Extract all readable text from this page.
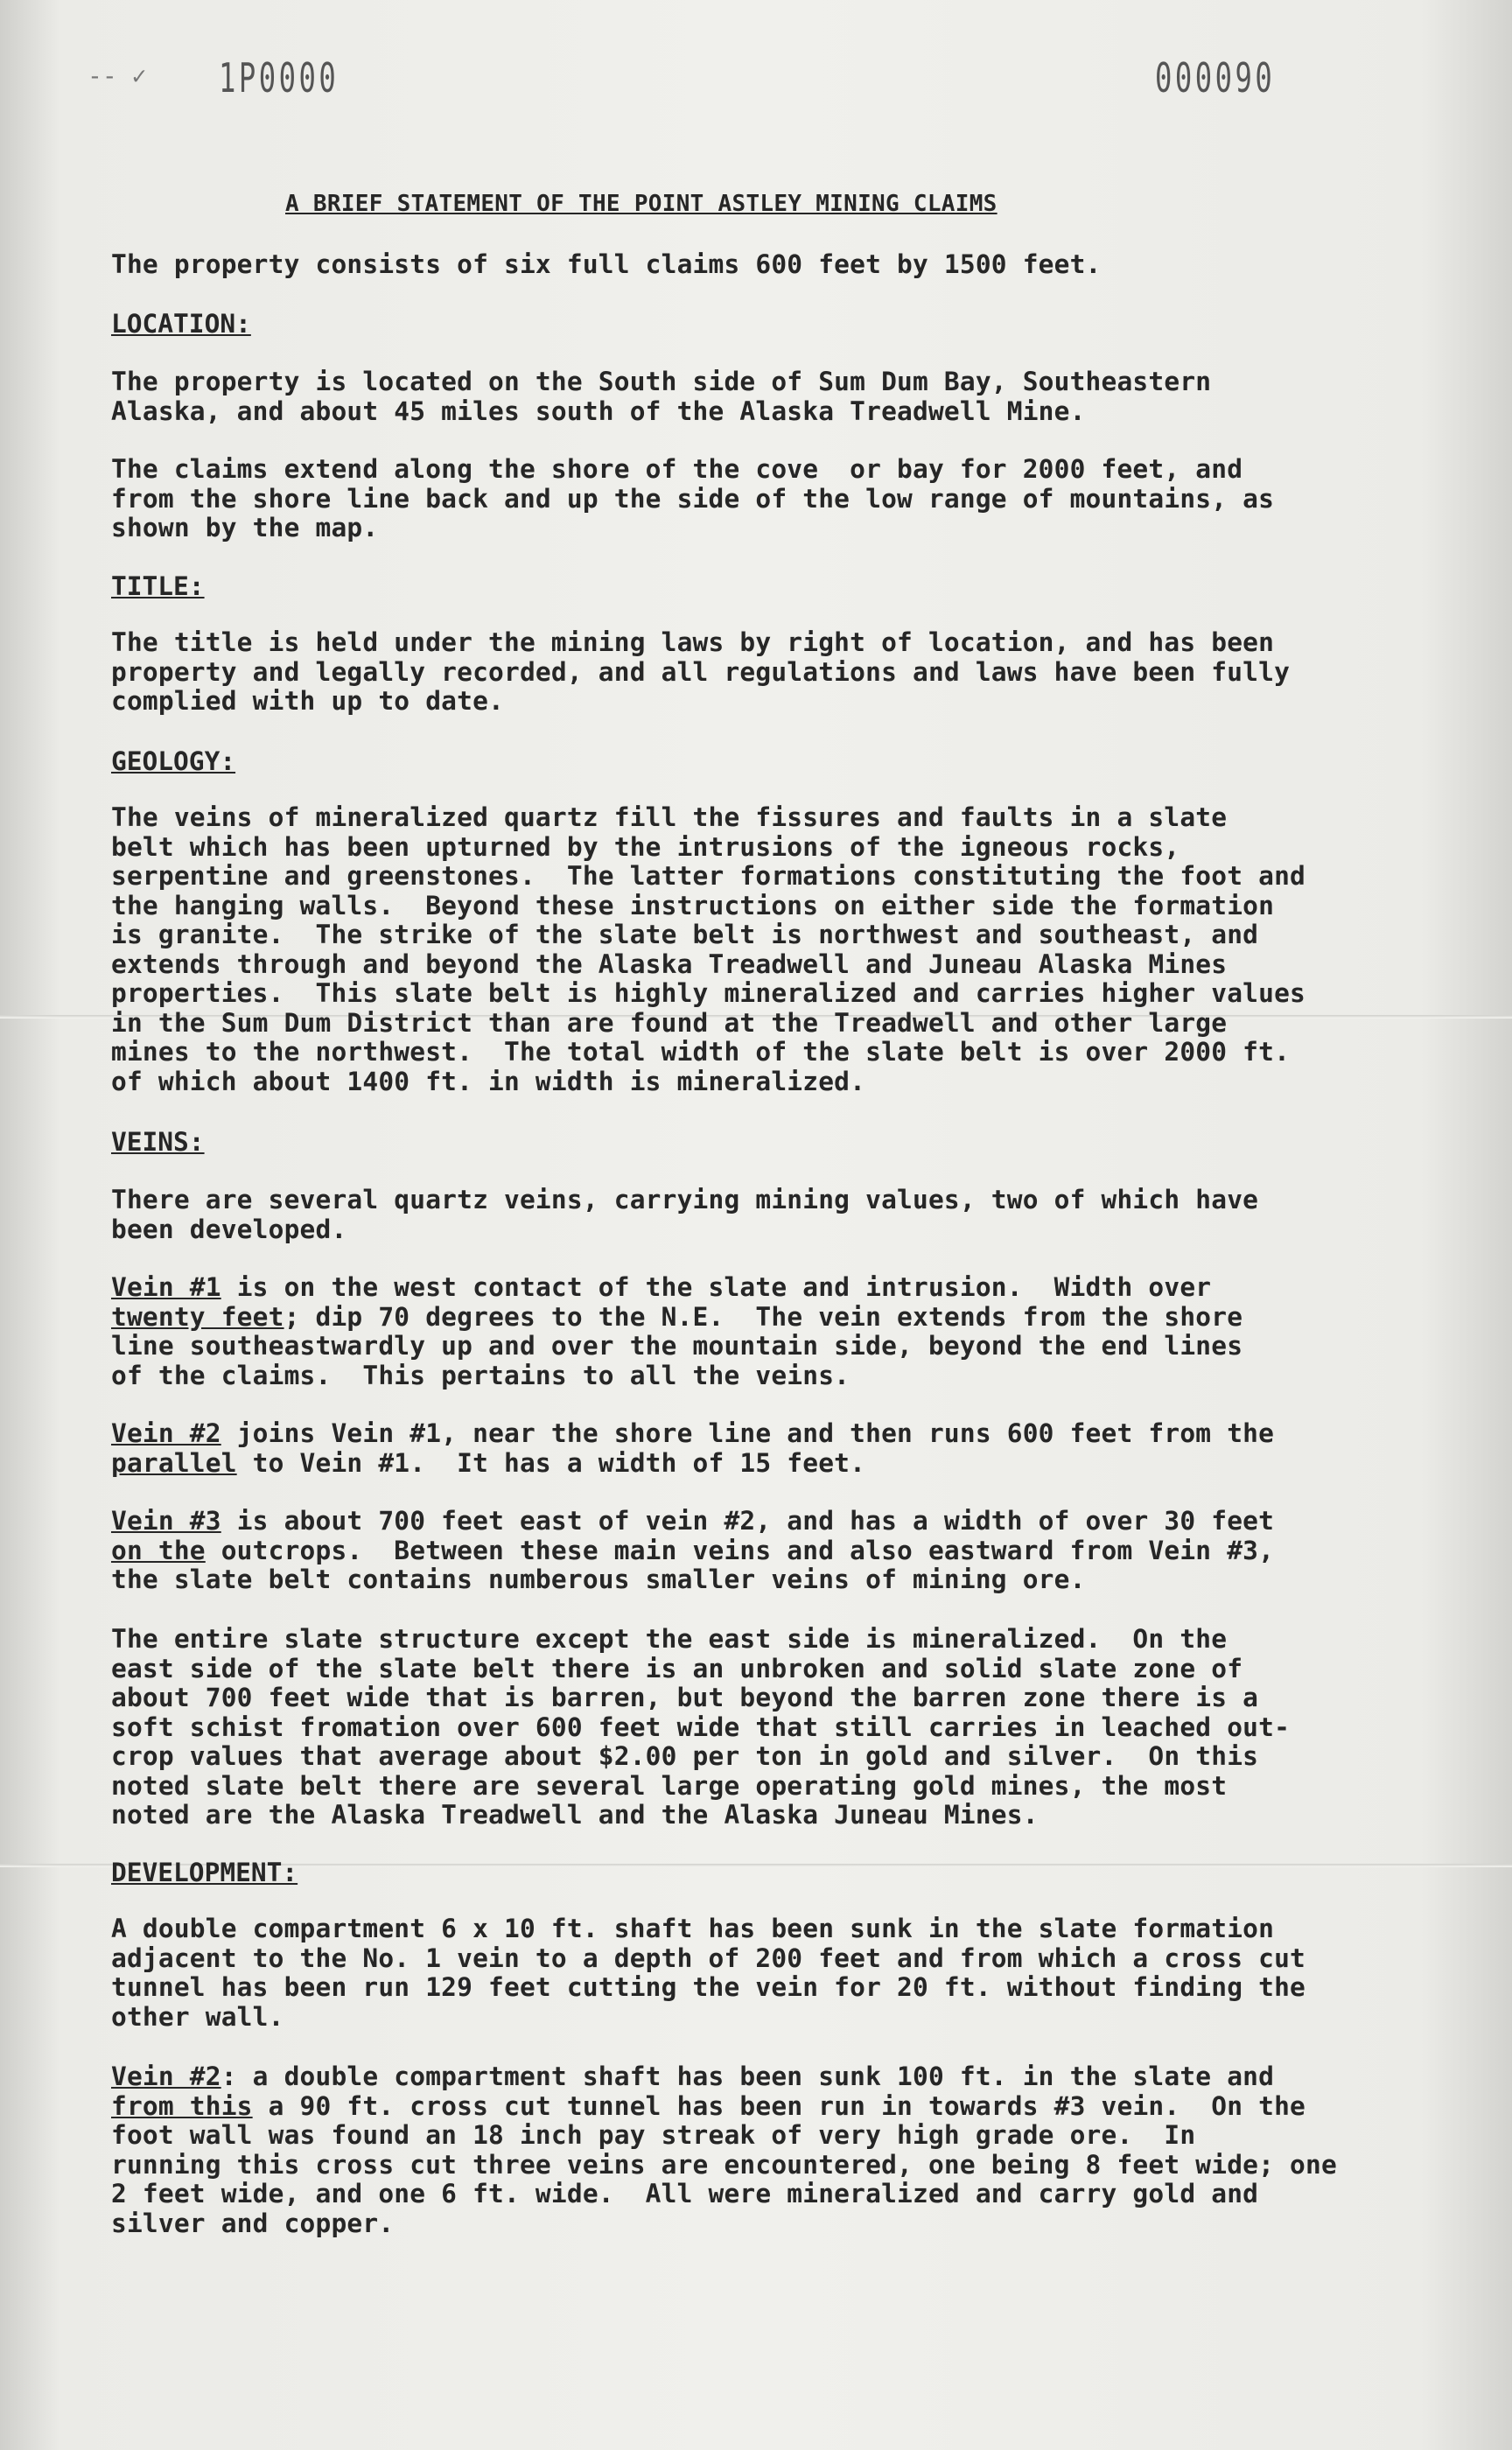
-- ✓ 1P0000	000090
A BRIEF STATEMENT OF THE POINT ASTLEY MINING CLAIMS
The property consists of six full claims 600 feet by 1500 feet.
LOCATION:
The property is located on the South side of Sum Dum Bay, Southeastern
Alaska, and about 45 miles south of the Alaska Treadwell Mine.
The claims extend along the shore of the cove  or bay for 2000 feet, and
from the shore line back and up the side of the low range of mountains, as
shown by the map.
TITLE:
The title is held under the mining laws by right of location, and has been
property and legally recorded, and all regulations and laws have been fully
complied with up to date.
GEOLOGY:
The veins of mineralized quartz fill the fissures and faults in a slate
belt which has been upturned by the intrusions of the igneous rocks,
serpentine and greenstones.  The latter formations constituting the foot and
the hanging walls.  Beyond these instructions on either side the formation
is granite.  The strike of the slate belt is northwest and southeast, and
extends through and beyond the Alaska Treadwell and Juneau Alaska Mines
properties.  This slate belt is highly mineralized and carries higher values
in the Sum Dum District than are found at the Treadwell and other large
mines to the northwest.  The total width of the slate belt is over 2000 ft.
of which about 1400 ft. in width is mineralized.
VEINS:
There are several quartz veins, carrying mining values, two of which have
been developed.
Vein #1 is on the west contact of the slate and intrusion.  Width over
twenty feet; dip 70 degrees to the N.E.  The vein extends from the shore
line southeastwardly up and over the mountain side, beyond the end lines
of the claims.  This pertains to all the veins.
Vein #2 joins Vein #1, near the shore line and then runs 600 feet from the
parallel to Vein #1.  It has a width of 15 feet.
Vein #3 is about 700 feet east of vein #2, and has a width of over 30 feet
on the outcrops.  Between these main veins and also eastward from Vein #3,
the slate belt contains numberous smaller veins of mining ore.
The entire slate structure except the east side is mineralized.  On the
east side of the slate belt there is an unbroken and solid slate zone of
about 700 feet wide that is barren, but beyond the barren zone there is a
soft schist fromation over 600 feet wide that still carries in leached out-
crop values that average about $2.00 per ton in gold and silver.  On this
noted slate belt there are several large operating gold mines, the most
noted are the Alaska Treadwell and the Alaska Juneau Mines.
DEVELOPMENT:
A double compartment 6 x 10 ft. shaft has been sunk in the slate formation
adjacent to the No. 1 vein to a depth of 200 feet and from which a cross cut
tunnel has been run 129 feet cutting the vein for 20 ft. without finding the
other wall.
Vein #2: a double compartment shaft has been sunk 100 ft. in the slate and
from this a 90 ft. cross cut tunnel has been run in towards #3 vein.  On the
foot wall was found an 18 inch pay streak of very high grade ore.  In
running this cross cut three veins are encountered, one being 8 feet wide; one
2 feet wide, and one 6 ft. wide.  All were mineralized and carry gold and
silver and copper.
